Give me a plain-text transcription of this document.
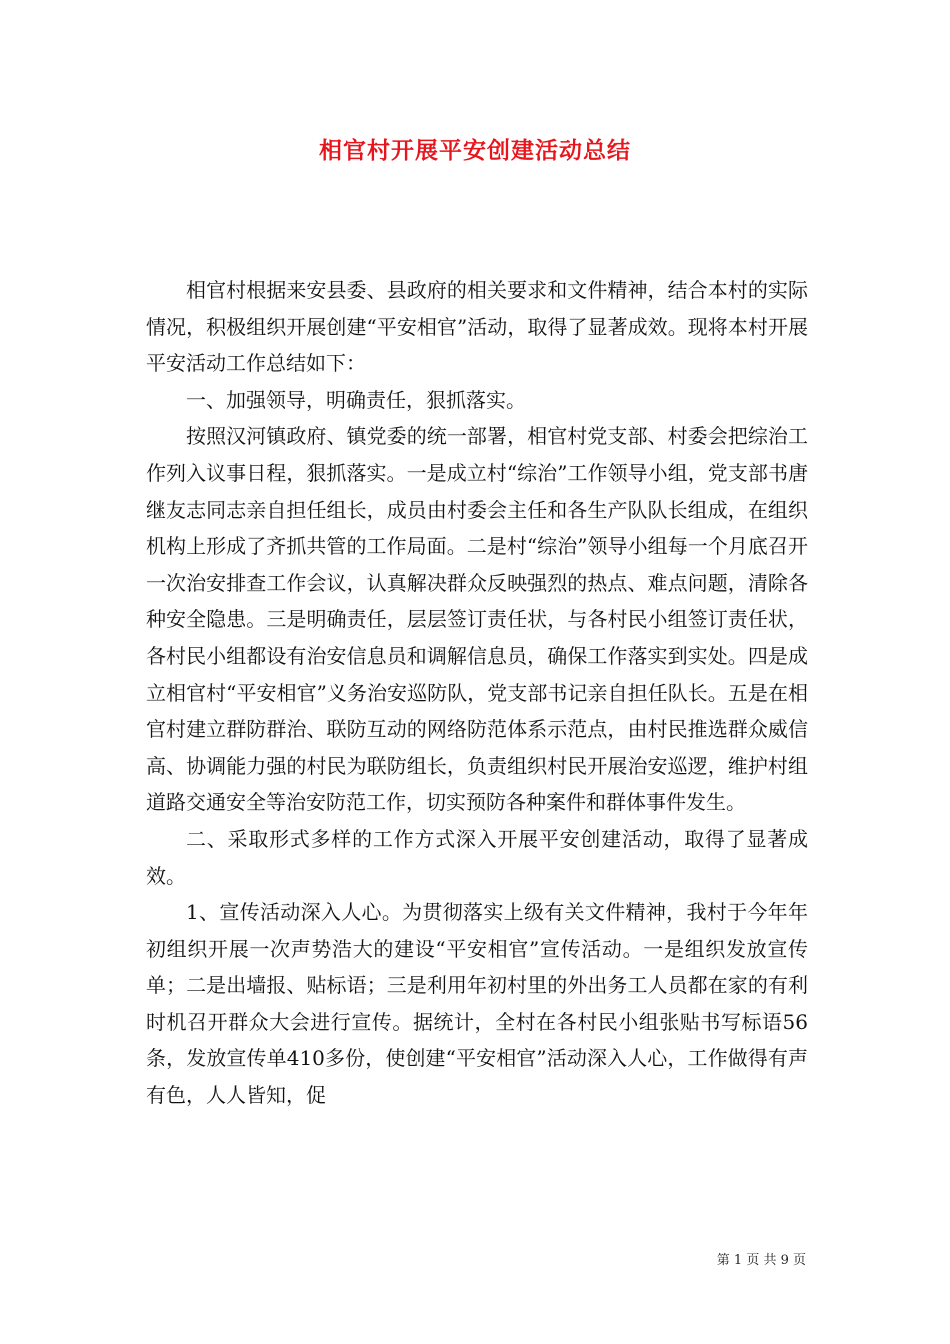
相官村开展平安创建活动总结

相官村根据来安县委、县政府的相关要求和文件精神，结合本村的实际情况，积极组织开展创建“平安相官”活动，取得了显著成效。现将本村开展平安活动工作总结如下：

一、加强领导，明确责任，狠抓落实。

按照汉河镇政府、镇党委的统一部署，相官村党支部、村委会把综治工作列入议事日程，狠抓落实。一是成立村“综治”工作领导小组，党支部书唐继友志同志亲自担任组长，成员由村委会主任和各生产队队长组成，在组织机构上形成了齐抓共管的工作局面。二是村“综治”领导小组每一个月底召开一次治安排查工作会议，认真解决群众反映强烈的热点、难点问题，清除各种安全隐患。三是明确责任，层层签订责任状，与各村民小组签订责任状，各村民小组都设有治安信息员和调解信息员，确保工作落实到实处。四是成立相官村“平安相官”义务治安巡防队，党支部书记亲自担任队长。五是在相官村建立群防群治、联防互动的网络防范体系示范点，由村民推选群众威信高、协调能力强的村民为联防组长，负责组织村民开展治安巡逻，维护村组道路交通安全等治安防范工作，切实预防各种案件和群体事件发生。

二、采取形式多样的工作方式深入开展平安创建活动，取得了显著成效。

1、宣传活动深入人心。为贯彻落实上级有关文件精神，我村于今年年初组织开展一次声势浩大的建设“平安相官”宣传活动。一是组织发放宣传单；二是出墙报、贴标语；三是利用年初村里的外出务工人员都在家的有利时机召开群众大会进行宣传。据统计，全村在各村民小组张贴书写标语56条，发放宣传单410多份，使创建“平安相官”活动深入人心，工作做得有声有色，人人皆知，促

第 1 页 共 9 页
